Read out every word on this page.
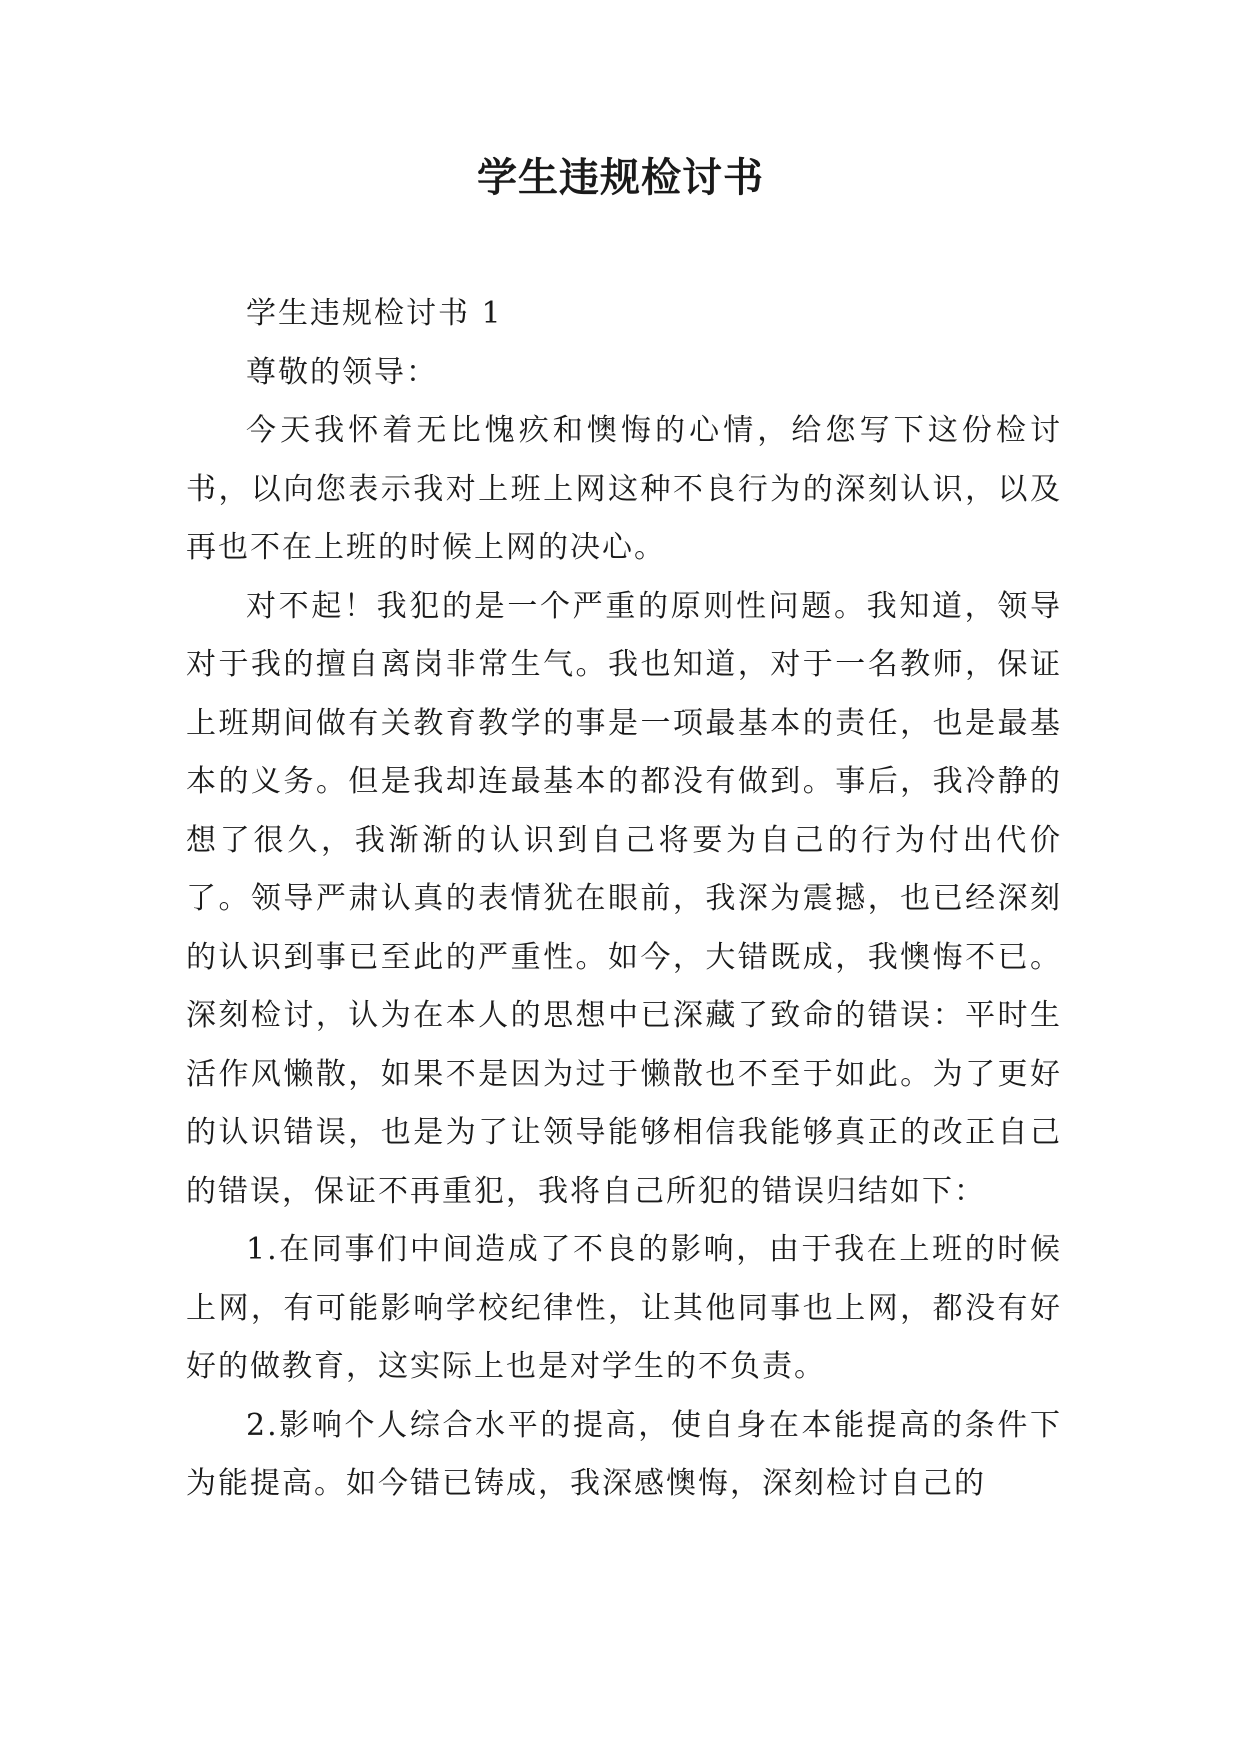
学生违规检讨书

学生违规检讨书 1

尊敬的领导：

今天我怀着无比愧疚和懊悔的心情，给您写下这份检讨书，以向您表示我对上班上网这种不良行为的深刻认识，以及再也不在上班的时候上网的决心。

对不起！我犯的是一个严重的原则性问题。我知道，领导对于我的擅自离岗非常生气。我也知道，对于一名教师，保证上班期间做有关教育教学的事是一项最基本的责任，也是最基本的义务。但是我却连最基本的都没有做到。事后，我冷静的想了很久，我渐渐的认识到自己将要为自己的行为付出代价了。领导严肃认真的表情犹在眼前，我深为震撼，也已经深刻的认识到事已至此的严重性。如今，大错既成，我懊悔不已。深刻检讨，认为在本人的思想中已深藏了致命的错误：平时生活作风懒散，如果不是因为过于懒散也不至于如此。为了更好的认识错误，也是为了让领导能够相信我能够真正的改正自己的错误，保证不再重犯，我将自己所犯的错误归结如下：

1.在同事们中间造成了不良的影响，由于我在上班的时候上网，有可能影响学校纪律性，让其他同事也上网，都没有好好的做教育，这实际上也是对学生的不负责。

2.影响个人综合水平的提高，使自身在本能提高的条件下为能提高。如今错已铸成，我深感懊悔，深刻检讨自己的
